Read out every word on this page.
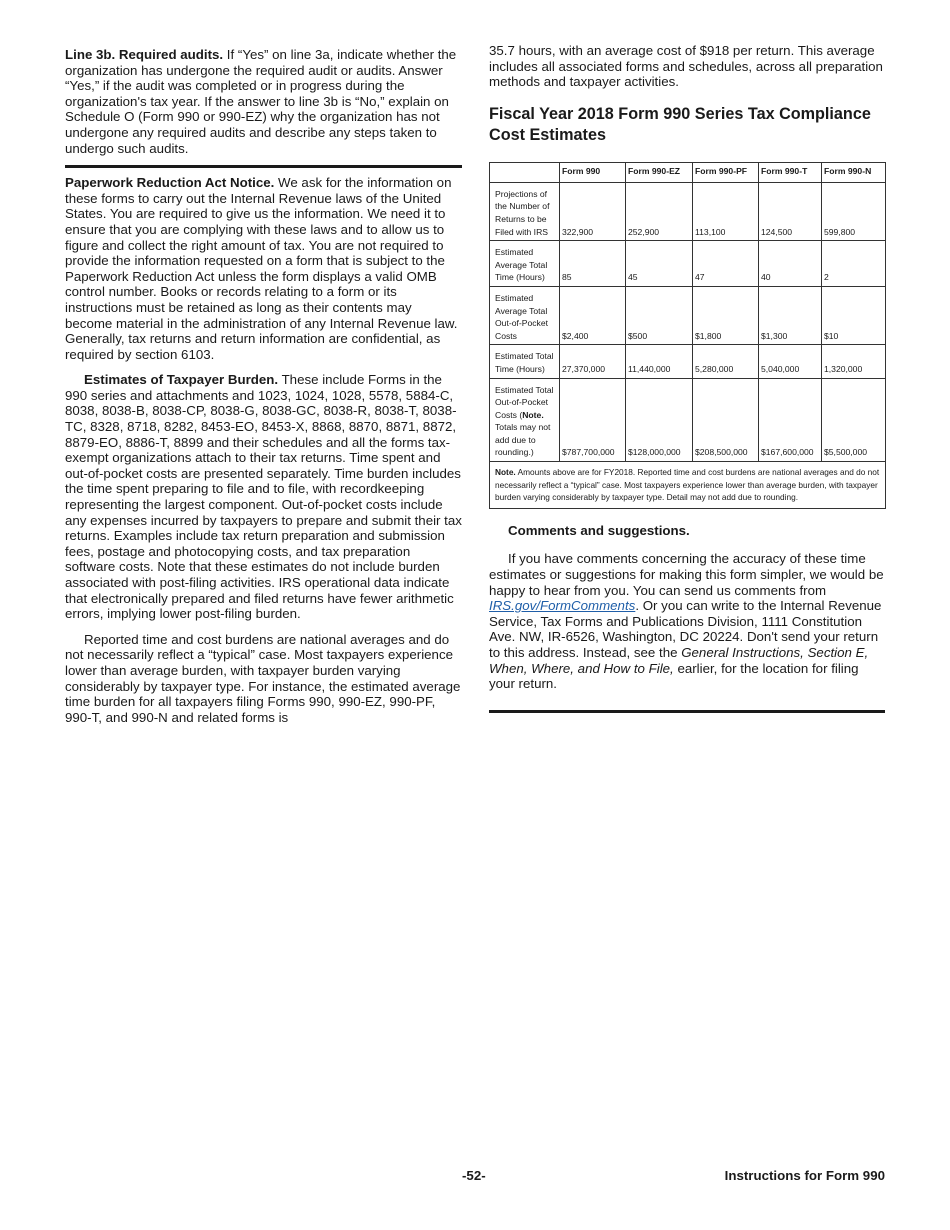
Line 3b. Required audits. If “Yes” on line 3a, indicate whether the organization has undergone the required audit or audits. Answer “Yes,” if the audit was completed or in progress during the organization's tax year. If the answer to line 3b is “No,” explain on Schedule O (Form 990 or 990-EZ) why the organization has not undergone any required audits and describe any steps taken to undergo such audits.

Paperwork Reduction Act Notice. We ask for the information on these forms to carry out the Internal Revenue laws of the United States. You are required to give us the information. We need it to ensure that you are complying with these laws and to allow us to figure and collect the right amount of tax. You are not required to provide the information requested on a form that is subject to the Paperwork Reduction Act unless the form displays a valid OMB control number. Books or records relating to a form or its instructions must be retained as long as their contents may become material in the administration of any Internal Revenue law. Generally, tax returns and return information are confidential, as required by section 6103.

Estimates of Taxpayer Burden. These include Forms in the 990 series and attachments and 1023, 1024, 1028, 5578, 5884-C, 8038, 8038-B, 8038-CP, 8038-G, 8038-GC, 8038-R, 8038-T, 8038-TC, 8328, 8718, 8282, 8453-EO, 8453-X, 8868, 8870, 8871, 8872, 8879-EO, 8886-T, 8899 and their schedules and all the forms tax-exempt organizations attach to their tax returns. Time spent and out-of-pocket costs are presented separately. Time burden includes the time spent preparing to file and to file, with recordkeeping representing the largest component. Out-of-pocket costs include any expenses incurred by taxpayers to prepare and submit their tax returns. Examples include tax return preparation and submission fees, postage and photocopying costs, and tax preparation software costs. Note that these estimates do not include burden associated with post-filing activities. IRS operational data indicate that electronically prepared and filed returns have fewer arithmetic errors, implying lower post-filing burden.

Reported time and cost burdens are national averages and do not necessarily reflect a “typical” case. Most taxpayers experience lower than average burden, with taxpayer burden varying considerably by taxpayer type. For instance, the estimated average time burden for all taxpayers filing Forms 990, 990-EZ, 990-PF, 990-T, and 990-N and related forms is

35.7 hours, with an average cost of $918 per return. This average includes all associated forms and schedules, across all preparation methods and taxpayer activities.

Fiscal Year 2018 Form 990 Series Tax Compliance Cost Estimates
	Form 990	Form 990-EZ	Form 990-PF	Form 990-T	Form 990-N
Projections of the Number of Returns to be Filed with IRS	322,900	252,900	113,100	124,500	599,800
Estimated Average Total Time (Hours)	85	45	47	40	2
Estimated Average Total Out-of-Pocket Costs	$2,400	$500	$1,800	$1,300	$10
Estimated Total Time (Hours)	27,370,000	11,440,000	5,280,000	5,040,000	1,320,000
Estimated Total Out-of-Pocket Costs (Note. Totals may not add due to rounding.)	$787,700,000	$128,000,000	$208,500,000	$167,600,000	$5,500,000
Note. Amounts above are for FY2018. Reported time and cost burdens are national averages and do not necessarily reflect a “typical” case. Most taxpayers experience lower than average burden, with taxpayer burden varying considerably by taxpayer type. Detail may not add due to rounding.					

Comments and suggestions.

If you have comments concerning the accuracy of these time estimates or suggestions for making this form simpler, we would be happy to hear from you. You can send us comments from IRS.gov/FormComments. Or you can write to the Internal Revenue Service, Tax Forms and Publications Division, 1111 Constitution Ave. NW, IR-6526, Washington, DC 20224. Don't send your return to this address. Instead, see the General Instructions, Section E, When, Where, and How to File, earlier, for the location for filing your return.

-52-	Instructions for Form 990
